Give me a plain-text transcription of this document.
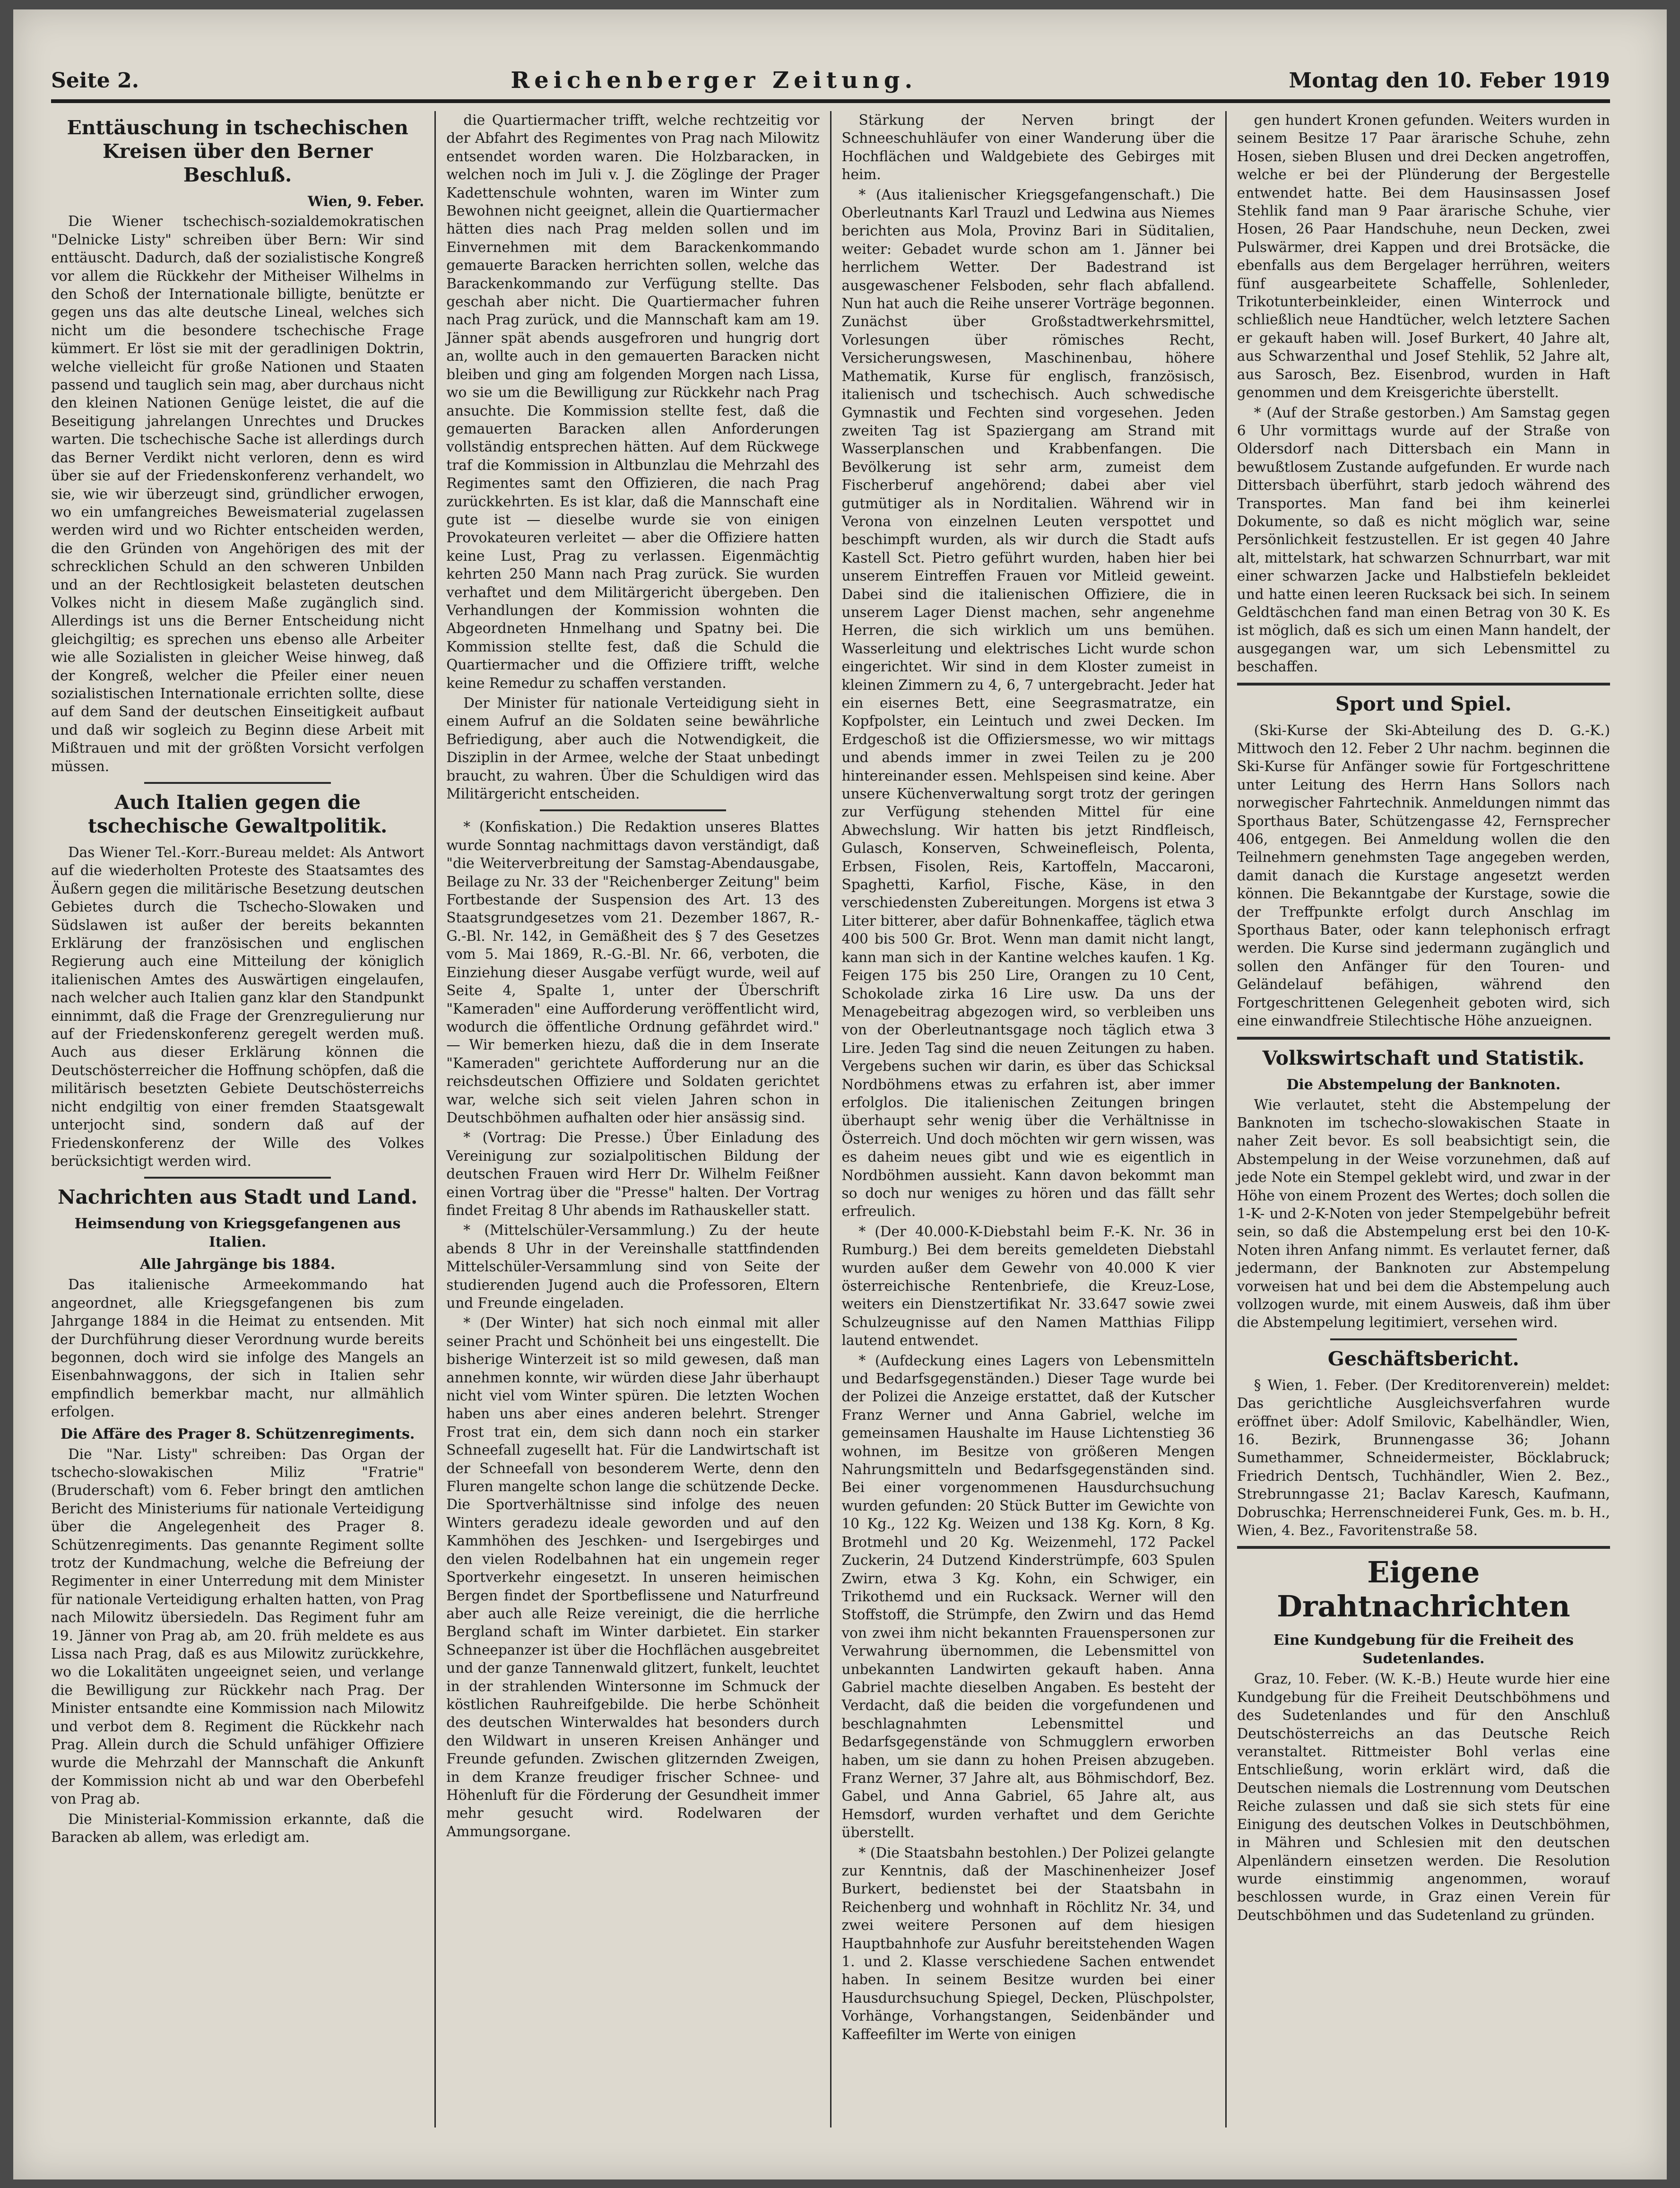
Seite 2.	Reichenberger Zeitung.	Montag den 10. Feber 1919
Enttäuschung in tschechischen Kreisen über den Berner Beschluß.
Wien, 9. Feber.

Die Wiener tschechisch-sozialdemokratischen "Delnicke Listy" schreiben über Bern: Wir sind enttäuscht. Dadurch, daß der sozialistische Kongreß vor allem die Rückkehr der Mitheiser Wilhelms in den Schoß der Internationale billigte, benützte er gegen uns das alte deutsche Lineal, welches sich nicht um die besondere tschechische Frage kümmert. Er löst sie mit der geradlinigen Doktrin, welche vielleicht für große Nationen und Staaten passend und tauglich sein mag, aber durchaus nicht den kleinen Nationen Genüge leistet, die auf die Beseitigung jahrelangen Unrechtes und Druckes warten. Die tschechische Sache ist allerdings durch das Berner Verdikt nicht verloren, denn es wird über sie auf der Friedenskonferenz verhandelt, wo sie, wie wir überzeugt sind, gründlicher erwogen, wo ein umfangreiches Beweismaterial zugelassen werden wird und wo Richter entscheiden werden, die den Gründen von Angehörigen des mit der schrecklichen Schuld an den schweren Unbilden und an der Rechtlosigkeit belasteten deutschen Volkes nicht in diesem Maße zugänglich sind. Allerdings ist uns die Berner Entscheidung nicht gleichgiltig; es sprechen uns ebenso alle Arbeiter wie alle Sozialisten in gleicher Weise hinweg, daß der Kongreß, welcher die Pfeiler einer neuen sozialistischen Internationale errichten sollte, diese auf dem Sand der deutschen Einseitigkeit aufbaut und daß wir sogleich zu Beginn diese Arbeit mit Mißtrauen und mit der größten Vorsicht verfolgen müssen.

Auch Italien gegen die tschechische Gewaltpolitik.

Das Wiener Tel.-Korr.-Bureau meldet: Als Antwort auf die wiederholten Proteste des Staatsamtes des Äußern gegen die militärische Besetzung deutschen Gebietes durch die Tschecho-Slowaken und Südslawen ist außer der bereits bekannten Erklärung der französischen und englischen Regierung auch eine Mitteilung der königlich italienischen Amtes des Auswärtigen eingelaufen, nach welcher auch Italien ganz klar den Standpunkt einnimmt, daß die Frage der Grenzregulierung nur auf der Friedenskonferenz geregelt werden muß. Auch aus dieser Erklärung können die Deutschösterreicher die Hoffnung schöpfen, daß die militärisch besetzten Gebiete Deutschösterreichs nicht endgiltig von einer fremden Staatsgewalt unterjocht sind, sondern daß auf der Friedenskonferenz der Wille des Volkes berücksichtigt werden wird.

Nachrichten aus Stadt und Land.
Heimsendung von Kriegsgefangenen aus Italien.
Alle Jahrgänge bis 1884.

Das italienische Armeekommando hat angeordnet, alle Kriegsgefangenen bis zum Jahrgange 1884 in die Heimat zu entsenden. Mit der Durchführung dieser Verordnung wurde bereits begonnen, doch wird sie infolge des Mangels an Eisenbahnwaggons, der sich in Italien sehr empfindlich bemerkbar macht, nur allmählich erfolgen.

Die Affäre des Prager 8. Schützenregiments.

Die "Nar. Listy" schreiben: Das Organ der tschecho-slowakischen Miliz "Fratrie" (Bruderschaft) vom 6. Feber bringt den amtlichen Bericht des Ministeriums für nationale Verteidigung über die Angelegenheit des Prager 8. Schützenregiments. Das genannte Regiment sollte trotz der Kundmachung, welche die Befreiung der Regimenter in einer Unterredung mit dem Minister für nationale Verteidigung erhalten hatten, von Prag nach Milowitz übersiedeln. Das Regiment fuhr am 19. Jänner von Prag ab, am 20. früh meldete es aus Lissa nach Prag, daß es aus Milowitz zurückkehre, wo die Lokalitäten ungeeignet seien, und verlange die Bewilligung zur Rückkehr nach Prag. Der Minister entsandte eine Kommission nach Milowitz und verbot dem 8. Regiment die Rückkehr nach Prag. Allein durch die Schuld unfähiger Offiziere wurde die Mehrzahl der Mannschaft die Ankunft der Kommission nicht ab und war den Oberbefehl von Prag ab.

Die Ministerial-Kommission erkannte, daß die Baracken ab allem, was erledigt am.

die Quartiermacher trifft, welche rechtzeitig vor der Abfahrt des Regimentes von Prag nach Milowitz entsendet worden waren. Die Holzbaracken, in welchen noch im Juli v. J. die Zöglinge der Prager Kadettenschule wohnten, waren im Winter zum Bewohnen nicht geeignet, allein die Quartiermacher hätten dies nach Prag melden sollen und im Einvernehmen mit dem Barackenkommando gemauerte Baracken herrichten sollen, welche das Barackenkommando zur Verfügung stellte. Das geschah aber nicht. Die Quartiermacher fuhren nach Prag zurück, und die Mannschaft kam am 19. Jänner spät abends ausgefroren und hungrig dort an, wollte auch in den gemauerten Baracken nicht bleiben und ging am folgenden Morgen nach Lissa, wo sie um die Bewilligung zur Rückkehr nach Prag ansuchte. Die Kommission stellte fest, daß die gemauerten Baracken allen Anforderungen vollständig entsprechen hätten. Auf dem Rückwege traf die Kommission in Altbunzlau die Mehrzahl des Regimentes samt den Offizieren, die nach Prag zurückkehrten. Es ist klar, daß die Mannschaft eine gute ist — dieselbe wurde sie von einigen Provokateuren verleitet — aber die Offiziere hatten keine Lust, Prag zu verlassen. Eigenmächtig kehrten 250 Mann nach Prag zurück. Sie wurden verhaftet und dem Militärgericht übergeben. Den Verhandlungen der Kommission wohnten die Abgeordneten Hnmelhang und Spatny bei. Die Kommission stellte fest, daß die Schuld die Quartiermacher und die Offiziere trifft, welche keine Remedur zu schaffen verstanden.

Der Minister für nationale Verteidigung sieht in einem Aufruf an die Soldaten seine bewährliche Befriedigung, aber auch die Notwendigkeit, die Disziplin in der Armee, welche der Staat unbedingt braucht, zu wahren. Über die Schuldigen wird das Militärgericht entscheiden.

* (Konfiskation.) Die Redaktion unseres Blattes wurde Sonntag nachmittags davon verständigt, daß "die Weiterverbreitung der Samstag-Abendausgabe, Beilage zu Nr. 33 der "Reichenberger Zeitung" beim Fortbestande der Suspension des Art. 13 des Staatsgrundgesetzes vom 21. Dezember 1867, R.-G.-Bl. Nr. 142, in Gemäßheit des § 7 des Gesetzes vom 5. Mai 1869, R.-G.-Bl. Nr. 66, verboten, die Einziehung dieser Ausgabe verfügt wurde, weil auf Seite 4, Spalte 1, unter der Überschrift "Kameraden" eine Aufforderung veröffentlicht wird, wodurch die öffentliche Ordnung gefährdet wird." — Wir bemerken hiezu, daß die in dem Inserate "Kameraden" gerichtete Aufforderung nur an die reichsdeutschen Offiziere und Soldaten gerichtet war, welche sich seit vielen Jahren schon in Deutschböhmen aufhalten oder hier ansässig sind.

* (Vortrag: Die Presse.) Über Einladung des Vereinigung zur sozialpolitischen Bildung der deutschen Frauen wird Herr Dr. Wilhelm Feißner einen Vortrag über die "Presse" halten. Der Vortrag findet Freitag 8 Uhr abends im Rathauskeller statt.

* (Mittelschüler-Versammlung.) Zu der heute abends 8 Uhr in der Vereinshalle stattfindenden Mittelschüler-Versammlung sind von Seite der studierenden Jugend auch die Professoren, Eltern und Freunde eingeladen.

* (Der Winter) hat sich noch einmal mit aller seiner Pracht und Schönheit bei uns eingestellt. Die bisherige Winterzeit ist so mild gewesen, daß man annehmen konnte, wir würden diese Jahr überhaupt nicht viel vom Winter spüren. Die letzten Wochen haben uns aber eines anderen belehrt. Strenger Frost trat ein, dem sich dann noch ein starker Schneefall zugesellt hat. Für die Landwirtschaft ist der Schneefall von besonderem Werte, denn den Fluren mangelte schon lange die schützende Decke. Die Sportverhältnisse sind infolge des neuen Winters geradezu ideale geworden und auf den Kammhöhen des Jeschken- und Isergebirges und den vielen Rodelbahnen hat ein ungemein reger Sportverkehr eingesetzt. In unseren heimischen Bergen findet der Sportbeflissene und Naturfreund aber auch alle Reize vereinigt, die die herrliche Bergland schaft im Winter darbietet. Ein starker Schneepanzer ist über die Hochflächen ausgebreitet und der ganze Tannenwald glitzert, funkelt, leuchtet in der strahlenden Wintersonne im Schmuck der köstlichen Rauhreifgebilde. Die herbe Schönheit des deutschen Winterwaldes hat besonders durch den Wildwart in unseren Kreisen Anhänger und Freunde gefunden. Zwischen glitzernden Zweigen, in dem Kranze freudiger frischer Schnee- und Höhenluft für die Förderung der Gesundheit immer mehr gesucht wird. Rodelwaren der Ammungsorgane.

Stärkung der Nerven bringt der Schneeschuhläufer von einer Wanderung über die Hochflächen und Waldgebiete des Gebirges mit heim.

* (Aus italienischer Kriegsgefangenschaft.) Die Oberleutnants Karl Trauzl und Ledwina aus Niemes berichten aus Mola, Provinz Bari in Süditalien, weiter: Gebadet wurde schon am 1. Jänner bei herrlichem Wetter. Der Badestrand ist ausgewaschener Felsboden, sehr flach abfallend. Nun hat auch die Reihe unserer Vorträge begonnen. Zunächst über Großstadtwerkehrsmittel, Vorlesungen über römisches Recht, Versicherungswesen, Maschinenbau, höhere Mathematik, Kurse für englisch, französisch, italienisch und tschechisch. Auch schwedische Gymnastik und Fechten sind vorgesehen. Jeden zweiten Tag ist Spaziergang am Strand mit Wasserplanschen und Krabbenfangen. Die Bevölkerung ist sehr arm, zumeist dem Fischerberuf angehörend; dabei aber viel gutmütiger als in Norditalien. Während wir in Verona von einzelnen Leuten verspottet und beschimpft wurden, als wir durch die Stadt aufs Kastell Sct. Pietro geführt wurden, haben hier bei unserem Eintreffen Frauen vor Mitleid geweint. Dabei sind die italienischen Offiziere, die in unserem Lager Dienst machen, sehr angenehme Herren, die sich wirklich um uns bemühen. Wasserleitung und elektrisches Licht wurde schon eingerichtet. Wir sind in dem Kloster zumeist in kleinen Zimmern zu 4, 6, 7 untergebracht. Jeder hat ein eisernes Bett, eine Seegrasmatratze, ein Kopfpolster, ein Leintuch und zwei Decken. Im Erdgeschoß ist die Offiziersmesse, wo wir mittags und abends immer in zwei Teilen zu je 200 hintereinander essen. Mehlspeisen sind keine. Aber unsere Küchenverwaltung sorgt trotz der geringen zur Verfügung stehenden Mittel für eine Abwechslung. Wir hatten bis jetzt Rindfleisch, Gulasch, Konserven, Schweinefleisch, Polenta, Erbsen, Fisolen, Reis, Kartoffeln, Maccaroni, Spaghetti, Karfiol, Fische, Käse, in den verschiedensten Zubereitungen. Morgens ist etwa 3 Liter bitterer, aber dafür Bohnenkaffee, täglich etwa 400 bis 500 Gr. Brot. Wenn man damit nicht langt, kann man sich in der Kantine welches kaufen. 1 Kg. Feigen 175 bis 250 Lire, Orangen zu 10 Cent, Schokolade zirka 16 Lire usw. Da uns der Menagebeitrag abgezogen wird, so verbleiben uns von der Oberleutnantsgage noch täglich etwa 3 Lire. Jeden Tag sind die neuen Zeitungen zu haben. Vergebens suchen wir darin, es über das Schicksal Nordböhmens etwas zu erfahren ist, aber immer erfolglos. Die italienischen Zeitungen bringen überhaupt sehr wenig über die Verhältnisse in Österreich. Und doch möchten wir gern wissen, was es daheim neues gibt und wie es eigentlich in Nordböhmen aussieht. Kann davon bekommt man so doch nur weniges zu hören und das fällt sehr erfreulich.

* (Der 40.000-K-Diebstahl beim F.-K. Nr. 36 in Rumburg.) Bei dem bereits gemeldeten Diebstahl wurden außer dem Gewehr von 40.000 K vier österreichische Rentenbriefe, die Kreuz-Lose, weiters ein Dienstzertifikat Nr. 33.647 sowie zwei Schulzeugnisse auf den Namen Matthias Filipp lautend entwendet.

* (Aufdeckung eines Lagers von Lebensmitteln und Bedarfsgegenständen.) Dieser Tage wurde bei der Polizei die Anzeige erstattet, daß der Kutscher Franz Werner und Anna Gabriel, welche im gemeinsamen Haushalte im Hause Lichtenstieg 36 wohnen, im Besitze von größeren Mengen Nahrungsmitteln und Bedarfsgegenständen sind. Bei einer vorgenommenen Hausdurchsuchung wurden gefunden: 20 Stück Butter im Gewichte von 10 Kg., 122 Kg. Weizen und 138 Kg. Korn, 8 Kg. Brotmehl und 20 Kg. Weizenmehl, 172 Packel Zuckerin, 24 Dutzend Kinderstrümpfe, 603 Spulen Zwirn, etwa 3 Kg. Kohn, ein Schwiger, ein Trikothemd und ein Rucksack. Werner will den Stoffstoff, die Strümpfe, den Zwirn und das Hemd von zwei ihm nicht bekannten Frauenspersonen zur Verwahrung übernommen, die Lebensmittel von unbekannten Landwirten gekauft haben. Anna Gabriel machte dieselben Angaben. Es besteht der Verdacht, daß die beiden die vorgefundenen und beschlagnahmten Lebensmittel und Bedarfsgegenstände von Schmugglern erworben haben, um sie dann zu hohen Preisen abzugeben. Franz Werner, 37 Jahre alt, aus Böhmischdorf, Bez. Gabel, und Anna Gabriel, 65 Jahre alt, aus Hemsdorf, wurden verhaftet und dem Gerichte überstellt.

* (Die Staatsbahn bestohlen.) Der Polizei gelangte zur Kenntnis, daß der Maschinenheizer Josef Burkert, bedienstet bei der Staatsbahn in Reichenberg und wohnhaft in Röchlitz Nr. 34, und zwei weitere Personen auf dem hiesigen Hauptbahnhofe zur Ausfuhr bereitstehenden Wagen 1. und 2. Klasse verschiedene Sachen entwendet haben. In seinem Besitze wurden bei einer Hausdurchsuchung Spiegel, Decken, Plüschpolster, Vorhänge, Vorhangstangen, Seidenbänder und Kaffeefilter im Werte von einigen

gen hundert Kronen gefunden. Weiters wurden in seinem Besitze 17 Paar ärarische Schuhe, zehn Hosen, sieben Blusen und drei Decken angetroffen, welche er bei der Plünderung der Bergestelle entwendet hatte. Bei dem Hausinsassen Josef Stehlik fand man 9 Paar ärarische Schuhe, vier Hosen, 26 Paar Handschuhe, neun Decken, zwei Pulswärmer, drei Kappen und drei Brotsäcke, die ebenfalls aus dem Bergelager herrühren, weiters fünf ausgearbeitete Schaffelle, Sohlenleder, Trikotunterbeinkleider, einen Winterrock und schließlich neue Handtücher, welch letztere Sachen er gekauft haben will. Josef Burkert, 40 Jahre alt, aus Schwarzenthal und Josef Stehlik, 52 Jahre alt, aus Sarosch, Bez. Eisenbrod, wurden in Haft genommen und dem Kreisgerichte überstellt.

* (Auf der Straße gestorben.) Am Samstag gegen 6 Uhr vormittags wurde auf der Straße von Oldersdorf nach Dittersbach ein Mann in bewußtlosem Zustande aufgefunden. Er wurde nach Dittersbach überführt, starb jedoch während des Transportes. Man fand bei ihm keinerlei Dokumente, so daß es nicht möglich war, seine Persönlichkeit festzustellen. Er ist gegen 40 Jahre alt, mittelstark, hat schwarzen Schnurrbart, war mit einer schwarzen Jacke und Halbstiefeln bekleidet und hatte einen leeren Rucksack bei sich. In seinem Geldtäschchen fand man einen Betrag von 30 K. Es ist möglich, daß es sich um einen Mann handelt, der ausgegangen war, um sich Lebensmittel zu beschaffen.

Sport und Spiel.

(Ski-Kurse der Ski-Abteilung des D. G.-K.) Mittwoch den 12. Feber 2 Uhr nachm. beginnen die Ski-Kurse für Anfänger sowie für Fortgeschrittene unter Leitung des Herrn Hans Sollors nach norwegischer Fahrtechnik. Anmeldungen nimmt das Sporthaus Bater, Schützengasse 42, Fernsprecher 406, entgegen. Bei Anmeldung wollen die den Teilnehmern genehmsten Tage angegeben werden, damit danach die Kurstage angesetzt werden können. Die Bekanntgabe der Kurstage, sowie die der Treffpunkte erfolgt durch Anschlag im Sporthaus Bater, oder kann telephonisch erfragt werden. Die Kurse sind jedermann zugänglich und sollen den Anfänger für den Touren- und Geländelauf befähigen, während den Fortgeschrittenen Gelegenheit geboten wird, sich eine einwandfreie Stilechtische Höhe anzueignen.

Volkswirtschaft und Statistik.
Die Abstempelung der Banknoten.

Wie verlautet, steht die Abstempelung der Banknoten im tschecho-slowakischen Staate in naher Zeit bevor. Es soll beabsichtigt sein, die Abstempelung in der Weise vorzunehmen, daß auf jede Note ein Stempel geklebt wird, und zwar in der Höhe von einem Prozent des Wertes; doch sollen die 1-K- und 2-K-Noten von jeder Stempelgebühr befreit sein, so daß die Abstempelung erst bei den 10-K-Noten ihren Anfang nimmt. Es verlautet ferner, daß jedermann, der Banknoten zur Abstempelung vorweisen hat und bei dem die Abstempelung auch vollzogen wurde, mit einem Ausweis, daß ihm über die Abstempelung legitimiert, versehen wird.

Geschäftsbericht.

§ Wien, 1. Feber. (Der Kreditorenverein) meldet: Das gerichtliche Ausgleichsverfahren wurde eröffnet über: Adolf Smilovic, Kabelhändler, Wien, 16. Bezirk, Brunnengasse 36; Johann Sumethammer, Schneidermeister, Böcklabruck; Friedrich Dentsch, Tuchhändler, Wien 2. Bez., Strebrunngasse 21; Baclav Karesch, Kaufmann, Dobruschka; Herrenschneiderei Funk, Ges. m. b. H., Wien, 4. Bez., Favoritenstraße 58.

Eigene Drahtnachrichten
Eine Kundgebung für die Freiheit des Sudetenlandes.

Graz, 10. Feber. (W. K.-B.) Heute wurde hier eine Kundgebung für die Freiheit Deutschböhmens und des Sudetenlandes und für den Anschluß Deutschösterreichs an das Deutsche Reich veranstaltet. Rittmeister Bohl verlas eine Entschließung, worin erklärt wird, daß die Deutschen niemals die Lostrennung vom Deutschen Reiche zulassen und daß sie sich stets für eine Einigung des deutschen Volkes in Deutschböhmen, in Mähren und Schlesien mit den deutschen Alpenländern einsetzen werden. Die Resolution wurde einstimmig angenommen, worauf beschlossen wurde, in Graz einen Verein für Deutschböhmen und das Sudetenland zu gründen.
